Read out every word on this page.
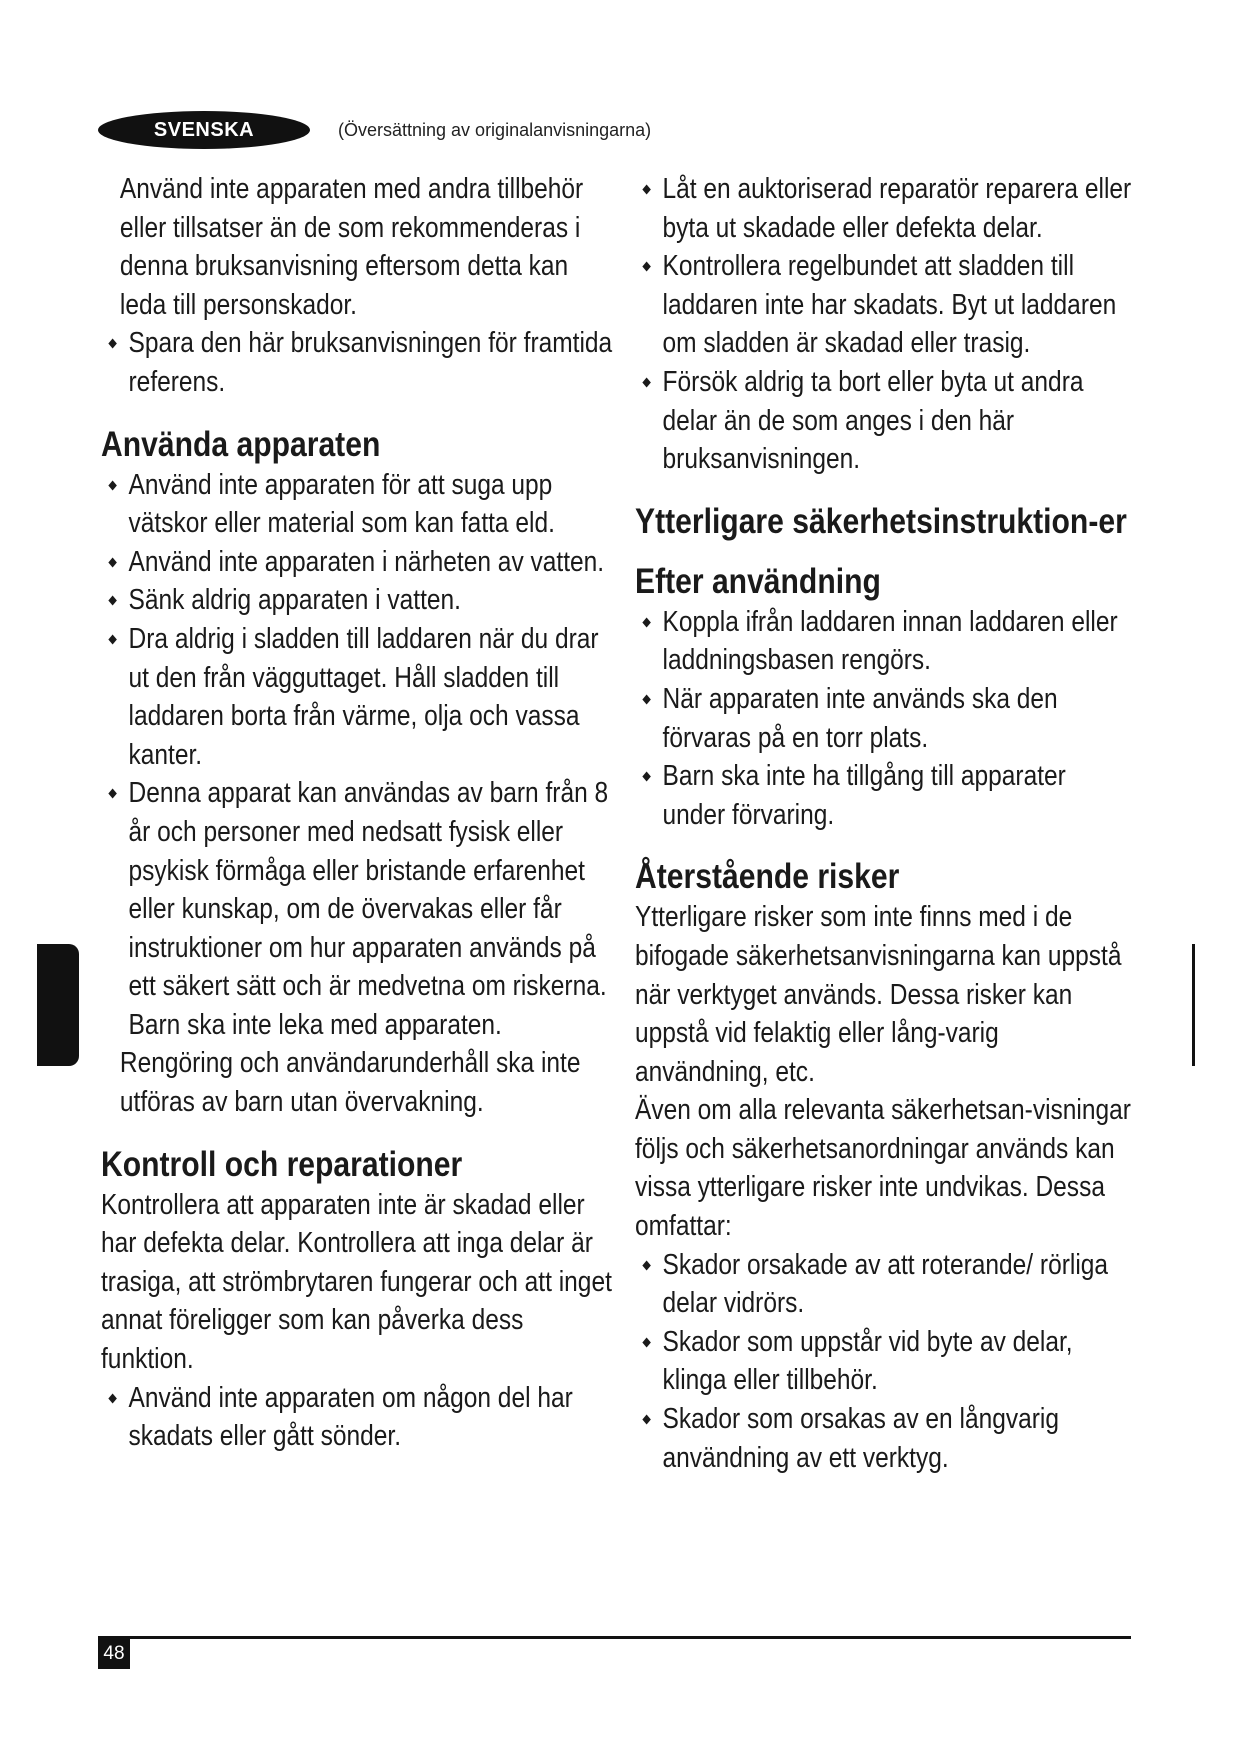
SVENSKA	(Översättning av originalanvisningarna)

Använd inte apparaten med andra tillbehör eller tillsatser än de som rekommenderas i denna bruksanvisning eftersom detta kan leda till personskador.

Spara den här bruksanvisningen för framtida referens.
Använda apparaten
Använd inte apparaten för att suga upp vätskor eller material som kan fatta eld.
Använd inte apparaten i närheten av vatten.
Sänk aldrig apparaten i vatten.
Dra aldrig i sladden till laddaren när du drar ut den från vägguttaget. Håll sladden till laddaren borta från värme, olja och vassa kanter.
Denna apparat kan användas av barn från 8 år och personer med nedsatt fysisk eller psykisk förmåga eller bristande erfarenhet eller kunskap, om de övervakas eller får instruktioner om hur apparaten används på ett säkert sätt och är medvetna om riskerna. Barn ska inte leka med apparaten.

Rengöring och användarunderhåll ska inte utföras av barn utan övervakning.

Kontroll och reparationer

Kontrollera att apparaten inte är skadad eller har defekta delar. Kontrollera att inga delar är trasiga, att strömbrytaren fungerar och att inget annat föreligger som kan påverka dess funktion.

Använd inte apparaten om någon del har skadats eller gått sönder.
Låt en auktoriserad reparatör reparera eller byta ut skadade eller defekta delar.
Kontrollera regelbundet att sladden till laddaren inte har skadats. Byt ut laddaren om sladden är skadad eller trasig.
Försök aldrig ta bort eller byta ut andra delar än de som anges i den här bruksanvisningen.
Ytterligare säkerhetsinstruktion-er
Efter användning
Koppla ifrån laddaren innan laddaren eller laddningsbasen rengörs.
När apparaten inte används ska den förvaras på en torr plats.
Barn ska inte ha tillgång till apparater under förvaring.
Återstående risker

Ytterligare risker som inte finns med i de bifogade säkerhetsanvisningarna kan uppstå när verktyget används. Dessa risker kan uppstå vid felaktig eller lång-varig användning, etc.

Även om alla relevanta säkerhetsan-visningar följs och säkerhetsanordningar används kan vissa ytterligare risker inte undvikas. Dessa omfattar:

Skador orsakade av att roterande/ rörliga delar vidrörs.
Skador som uppstår vid byte av delar, klinga eller tillbehör.
Skador som orsakas av en långvarig användning av ett verktyg.
48
